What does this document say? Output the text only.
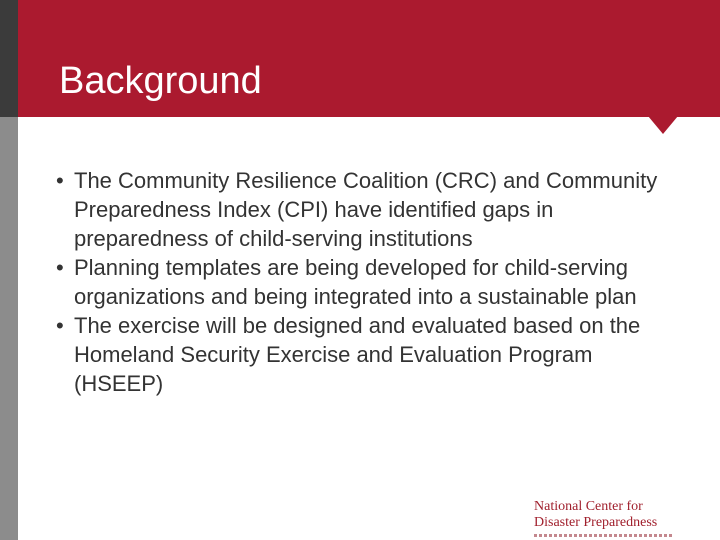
Background
• The Community Resilience Coalition (CRC) and Community Preparedness Index (CPI) have identified gaps in preparedness of child-serving institutions
• Planning templates are being developed for child-serving organizations and being integrated into a sustainable plan
• The exercise will be designed and evaluated based on the Homeland Security Exercise and Evaluation Program (HSEEP)
National Center for
Disaster Preparedness
